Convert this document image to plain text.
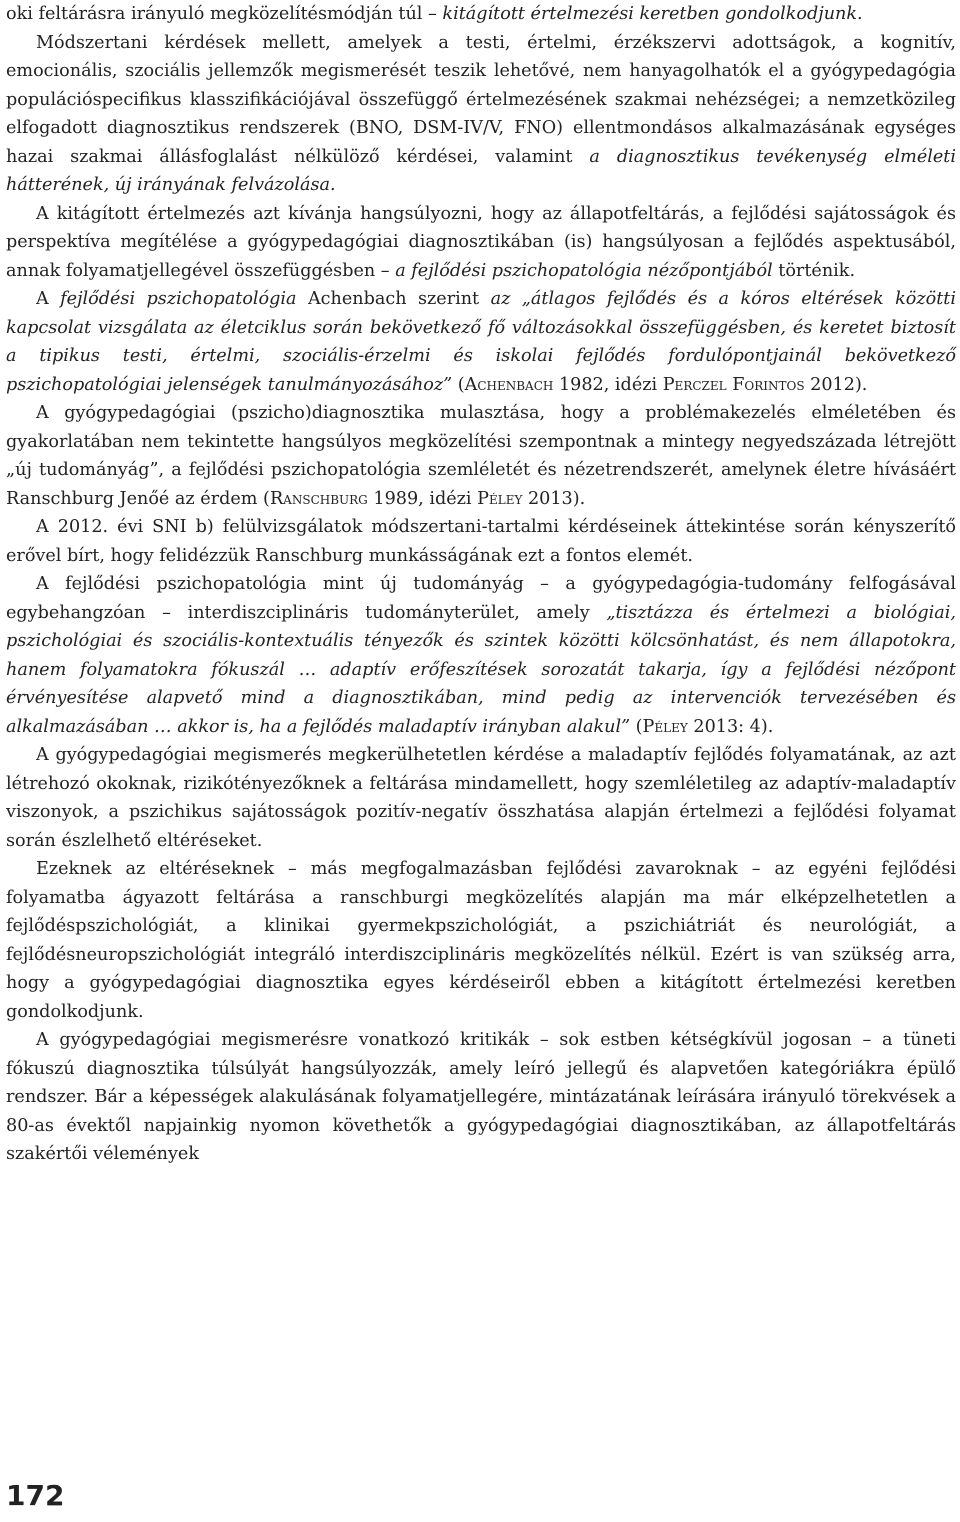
oki feltárásra irányuló megközelítésmódján túl – kitágított értelmezési keretben gondolkodjunk.

Módszertani kérdések mellett, amelyek a testi, értelmi, érzékszervi adottságok, a kognitív, emocionális, szociális jellemzők megismerését teszik lehetővé, nem hanyagolhatók el a gyógypedagógia populációspecifikus klasszifikációjával összefüggő értelmezésének szakmai nehézségei; a nemzetközileg elfogadott diagnosztikus rendszerek (BNO, DSM-IV/V, FNO) ellentmondásos alkalmazásának egységes hazai szakmai állásfoglalást nélkülöző kérdései, valamint a diagnosztikus tevékenység elméleti hátterének, új irányának felvázolása.

A kitágított értelmezés azt kívánja hangsúlyozni, hogy az állapotfeltárás, a fejlődési sajátosságok és perspektíva megítélése a gyógypedagógiai diagnosztikában (is) hangsúlyosan a fejlődés aspektusából, annak folyamatjellegével összefüggésben – a fejlődési pszichopatológia nézőpontjából történik.

A fejlődési pszichopatológia Achenbach szerint az „átlagos fejlődés és a kóros eltérések közötti kapcsolat vizsgálata az életciklus során bekövetkező fő változásokkal összefüggésben, és keretet biztosít a tipikus testi, értelmi, szociális-érzelmi és iskolai fejlődés fordulópontjainál bekövetkező pszichopatológiai jelenségek tanulmányozásához” (Achenbach 1982, idézi Perczel Forintos 2012).

A gyógypedagógiai (pszicho)diagnosztika mulasztása, hogy a problémakezelés elméletében és gyakorlatában nem tekintette hangsúlyos megközelítési szempontnak a mintegy negyedszázada létrejött „új tudományág”, a fejlődési pszichopatológia szemléletét és nézetrendszerét, amelynek életre hívásáért Ranschburg Jenőé az érdem (Ranschburg 1989, idézi Péley 2013).

A 2012. évi SNI b) felülvizsgálatok módszertani-tartalmi kérdéseinek áttekintése során kényszerítő erővel bírt, hogy felidézzük Ranschburg munkásságának ezt a fontos elemét.

A fejlődési pszichopatológia mint új tudományág – a gyógypedagógia-tudomány felfogásával egybehangzóan – interdiszciplináris tudományterület, amely „tisztázza és értelmezi a biológiai, pszichológiai és szociális-kontextuális tényezők és szintek közötti kölcsönhatást, és nem állapotokra, hanem folyamatokra fókuszál … adaptív erőfeszítések sorozatát takarja, így a fejlődési nézőpont érvényesítése alapvető mind a diagnosztikában, mind pedig az intervenciók tervezésében és alkalmazásában … akkor is, ha a fejlődés maladaptív irányban alakul” (Péley 2013: 4).

A gyógypedagógiai megismerés megkerülhetetlen kérdése a maladaptív fejlődés folyamatának, az azt létrehozó okoknak, rizikótényezőknek a feltárása mindamellett, hogy szemléletileg az adaptív-maladaptív viszonyok, a pszichikus sajátosságok pozitív-negatív összhatása alapján értelmezi a fejlődési folyamat során észlelhető eltéréseket.

Ezeknek az eltéréseknek – más megfogalmazásban fejlődési zavaroknak – az egyéni fejlődési folyamatba ágyazott feltárása a ranschburgi megközelítés alapján ma már elképzelhetetlen a fejlődéspszichológiát, a klinikai gyermekpszichológiát, a pszichiátriát és neurológiát, a fejlődésneuropszichológiát integráló interdiszciplináris megközelítés nélkül. Ezért is van szükség arra, hogy a gyógypedagógiai diagnosztika egyes kérdéseiről ebben a kitágított értelmezési keretben gondolkodjunk.

A gyógypedagógiai megismerésre vonatkozó kritikák – sok estben kétségkívül jogosan – a tüneti fókuszú diagnosztika túlsúlyát hangsúlyozzák, amely leíró jellegű és alapvetően kategóriákra épülő rendszer. Bár a képességek alakulásának folyamatjellegére, mintázatának leírására irányuló törekvések a 80-as évektől napjainkig nyomon követhetők a gyógypedagógiai diagnosztikában, az állapotfeltárás szakértői vélemények

172
